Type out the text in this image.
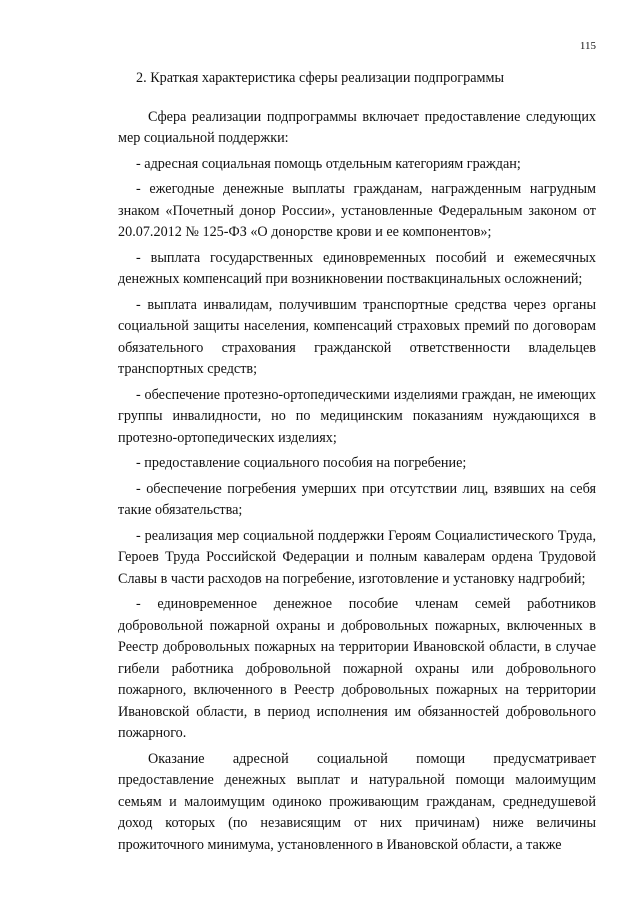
115

2. Краткая характеристика сферы реализации подпрограммы

Сфера реализации подпрограммы включает предоставление следующих мер социальной поддержки:

- адресная социальная помощь отдельным категориям граждан;

- ежегодные денежные выплаты гражданам, награжденным нагрудным знаком «Почетный донор России», установленные Федеральным законом от 20.07.2012 № 125-ФЗ «О донорстве крови и ее компонентов»;

- выплата государственных единовременных пособий и ежемесячных денежных компенсаций при возникновении поствакцинальных осложнений;

- выплата инвалидам, получившим транспортные средства через органы социальной защиты населения, компенсаций страховых премий по договорам обязательного страхования гражданской ответственности владельцев транспортных средств;

- обеспечение протезно-ортопедическими изделиями граждан, не имеющих группы инвалидности, но по медицинским показаниям нуждающихся в протезно-ортопедических изделиях;

- предоставление социального пособия на погребение;

- обеспечение погребения умерших при отсутствии лиц, взявших на себя такие обязательства;

- реализация мер социальной поддержки Героям Социалистического Труда, Героев Труда Российской Федерации и полным кавалерам ордена Трудовой Славы в части расходов на погребение, изготовление и установку надгробий;

- единовременное денежное пособие членам семей работников добровольной пожарной охраны и добровольных пожарных, включенных в Реестр добровольных пожарных на территории Ивановской области, в случае гибели работника добровольной пожарной охраны или добровольного пожарного, включенного в Реестр добровольных пожарных на территории Ивановской области, в период исполнения им обязанностей добровольного пожарного.

Оказание адресной социальной помощи предусматривает предоставление денежных выплат и натуральной помощи малоимущим семьям и малоимущим одиноко проживающим гражданам, среднедушевой доход которых (по независящим от них причинам) ниже величины прожиточного минимума, установленного в Ивановской области, а также
